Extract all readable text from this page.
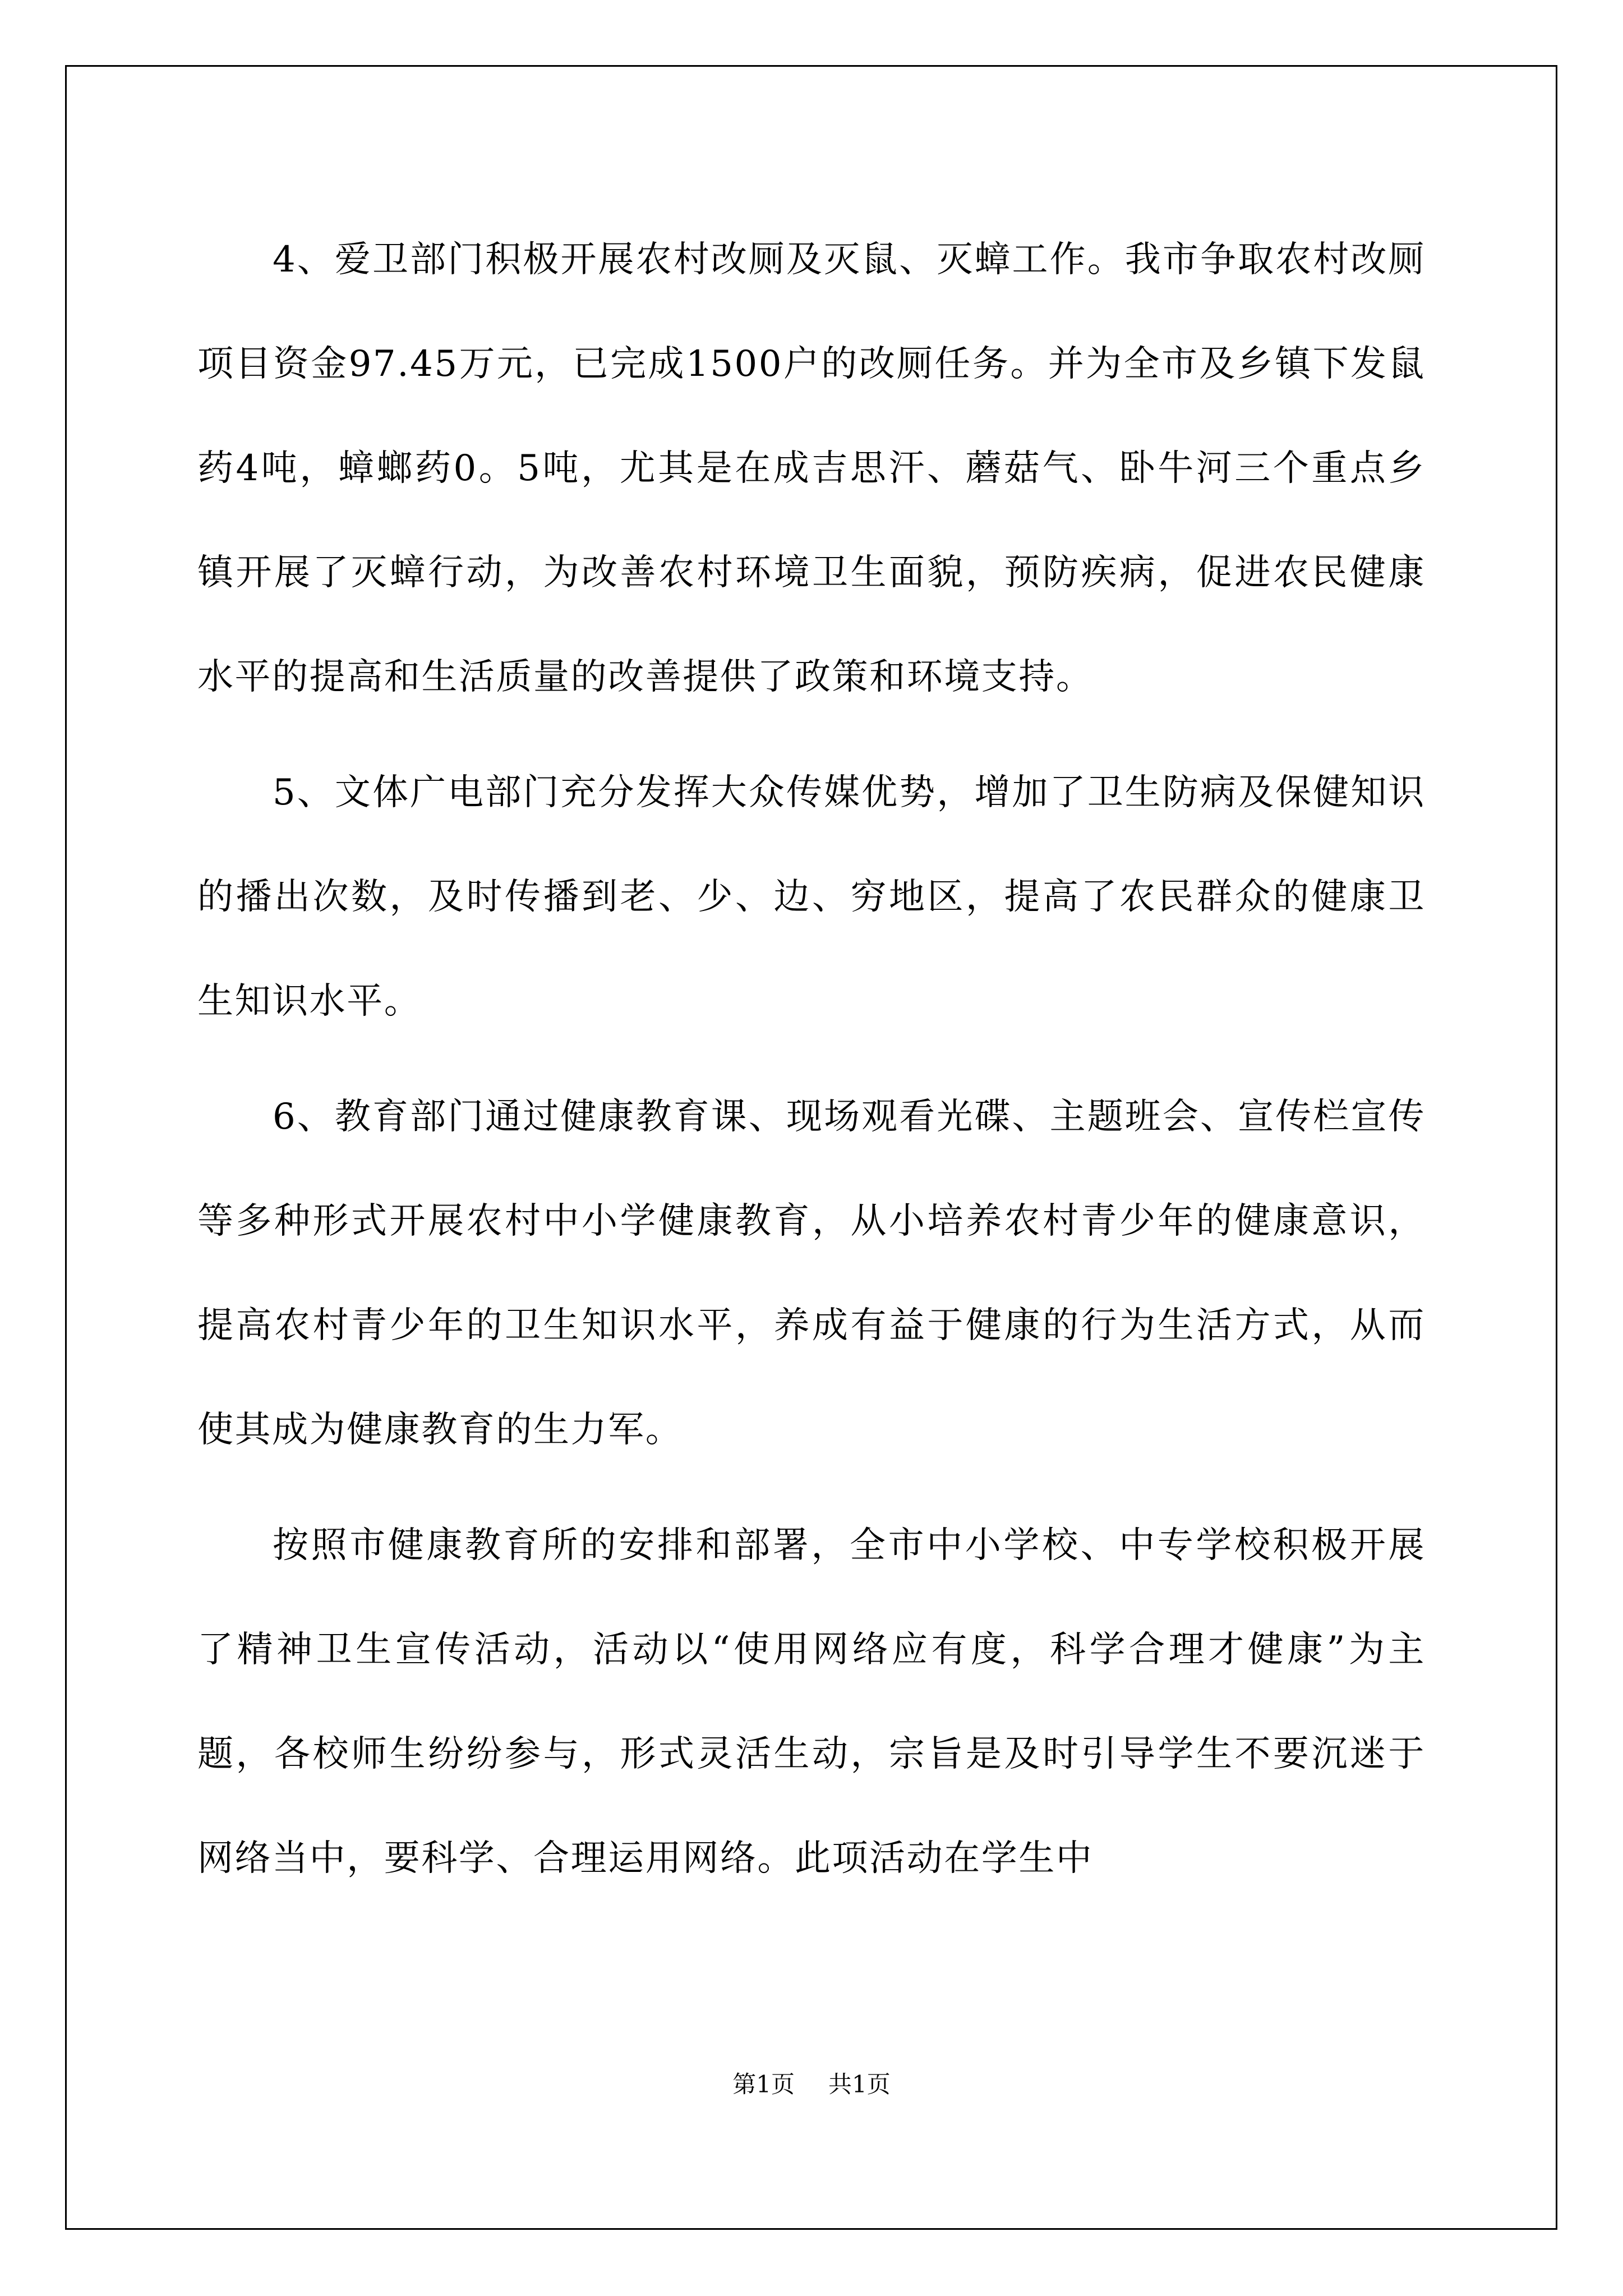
4、爱卫部门积极开展农村改厕及灭鼠、灭蟑工作。我市争取农村改厕项目资金97.45万元，已完成1500户的改厕任务。并为全市及乡镇下发鼠药4吨，蟑螂药0。5吨，尤其是在成吉思汗、蘑菇气、卧牛河三个重点乡镇开展了灭蟑行动，为改善农村环境卫生面貌，预防疾病，促进农民健康水平的提高和生活质量的改善提供了政策和环境支持。

5、文体广电部门充分发挥大众传媒优势，增加了卫生防病及保健知识的播出次数，及时传播到老、少、边、穷地区，提高了农民群众的健康卫生知识水平。

6、教育部门通过健康教育课、现场观看光碟、主题班会、宣传栏宣传等多种形式开展农村中小学健康教育，从小培养农村青少年的健康意识，提高农村青少年的卫生知识水平，养成有益于健康的行为生活方式，从而使其成为健康教育的生力军。

按照市健康教育所的安排和部署，全市中小学校、中专学校积极开展了精神卫生宣传活动，活动以“使用网络应有度，科学合理才健康”为主题，各校师生纷纷参与，形式灵活生动，宗旨是及时引导学生不要沉迷于网络当中，要科学、合理运用网络。此项活动在学生中

第1页 共1页
